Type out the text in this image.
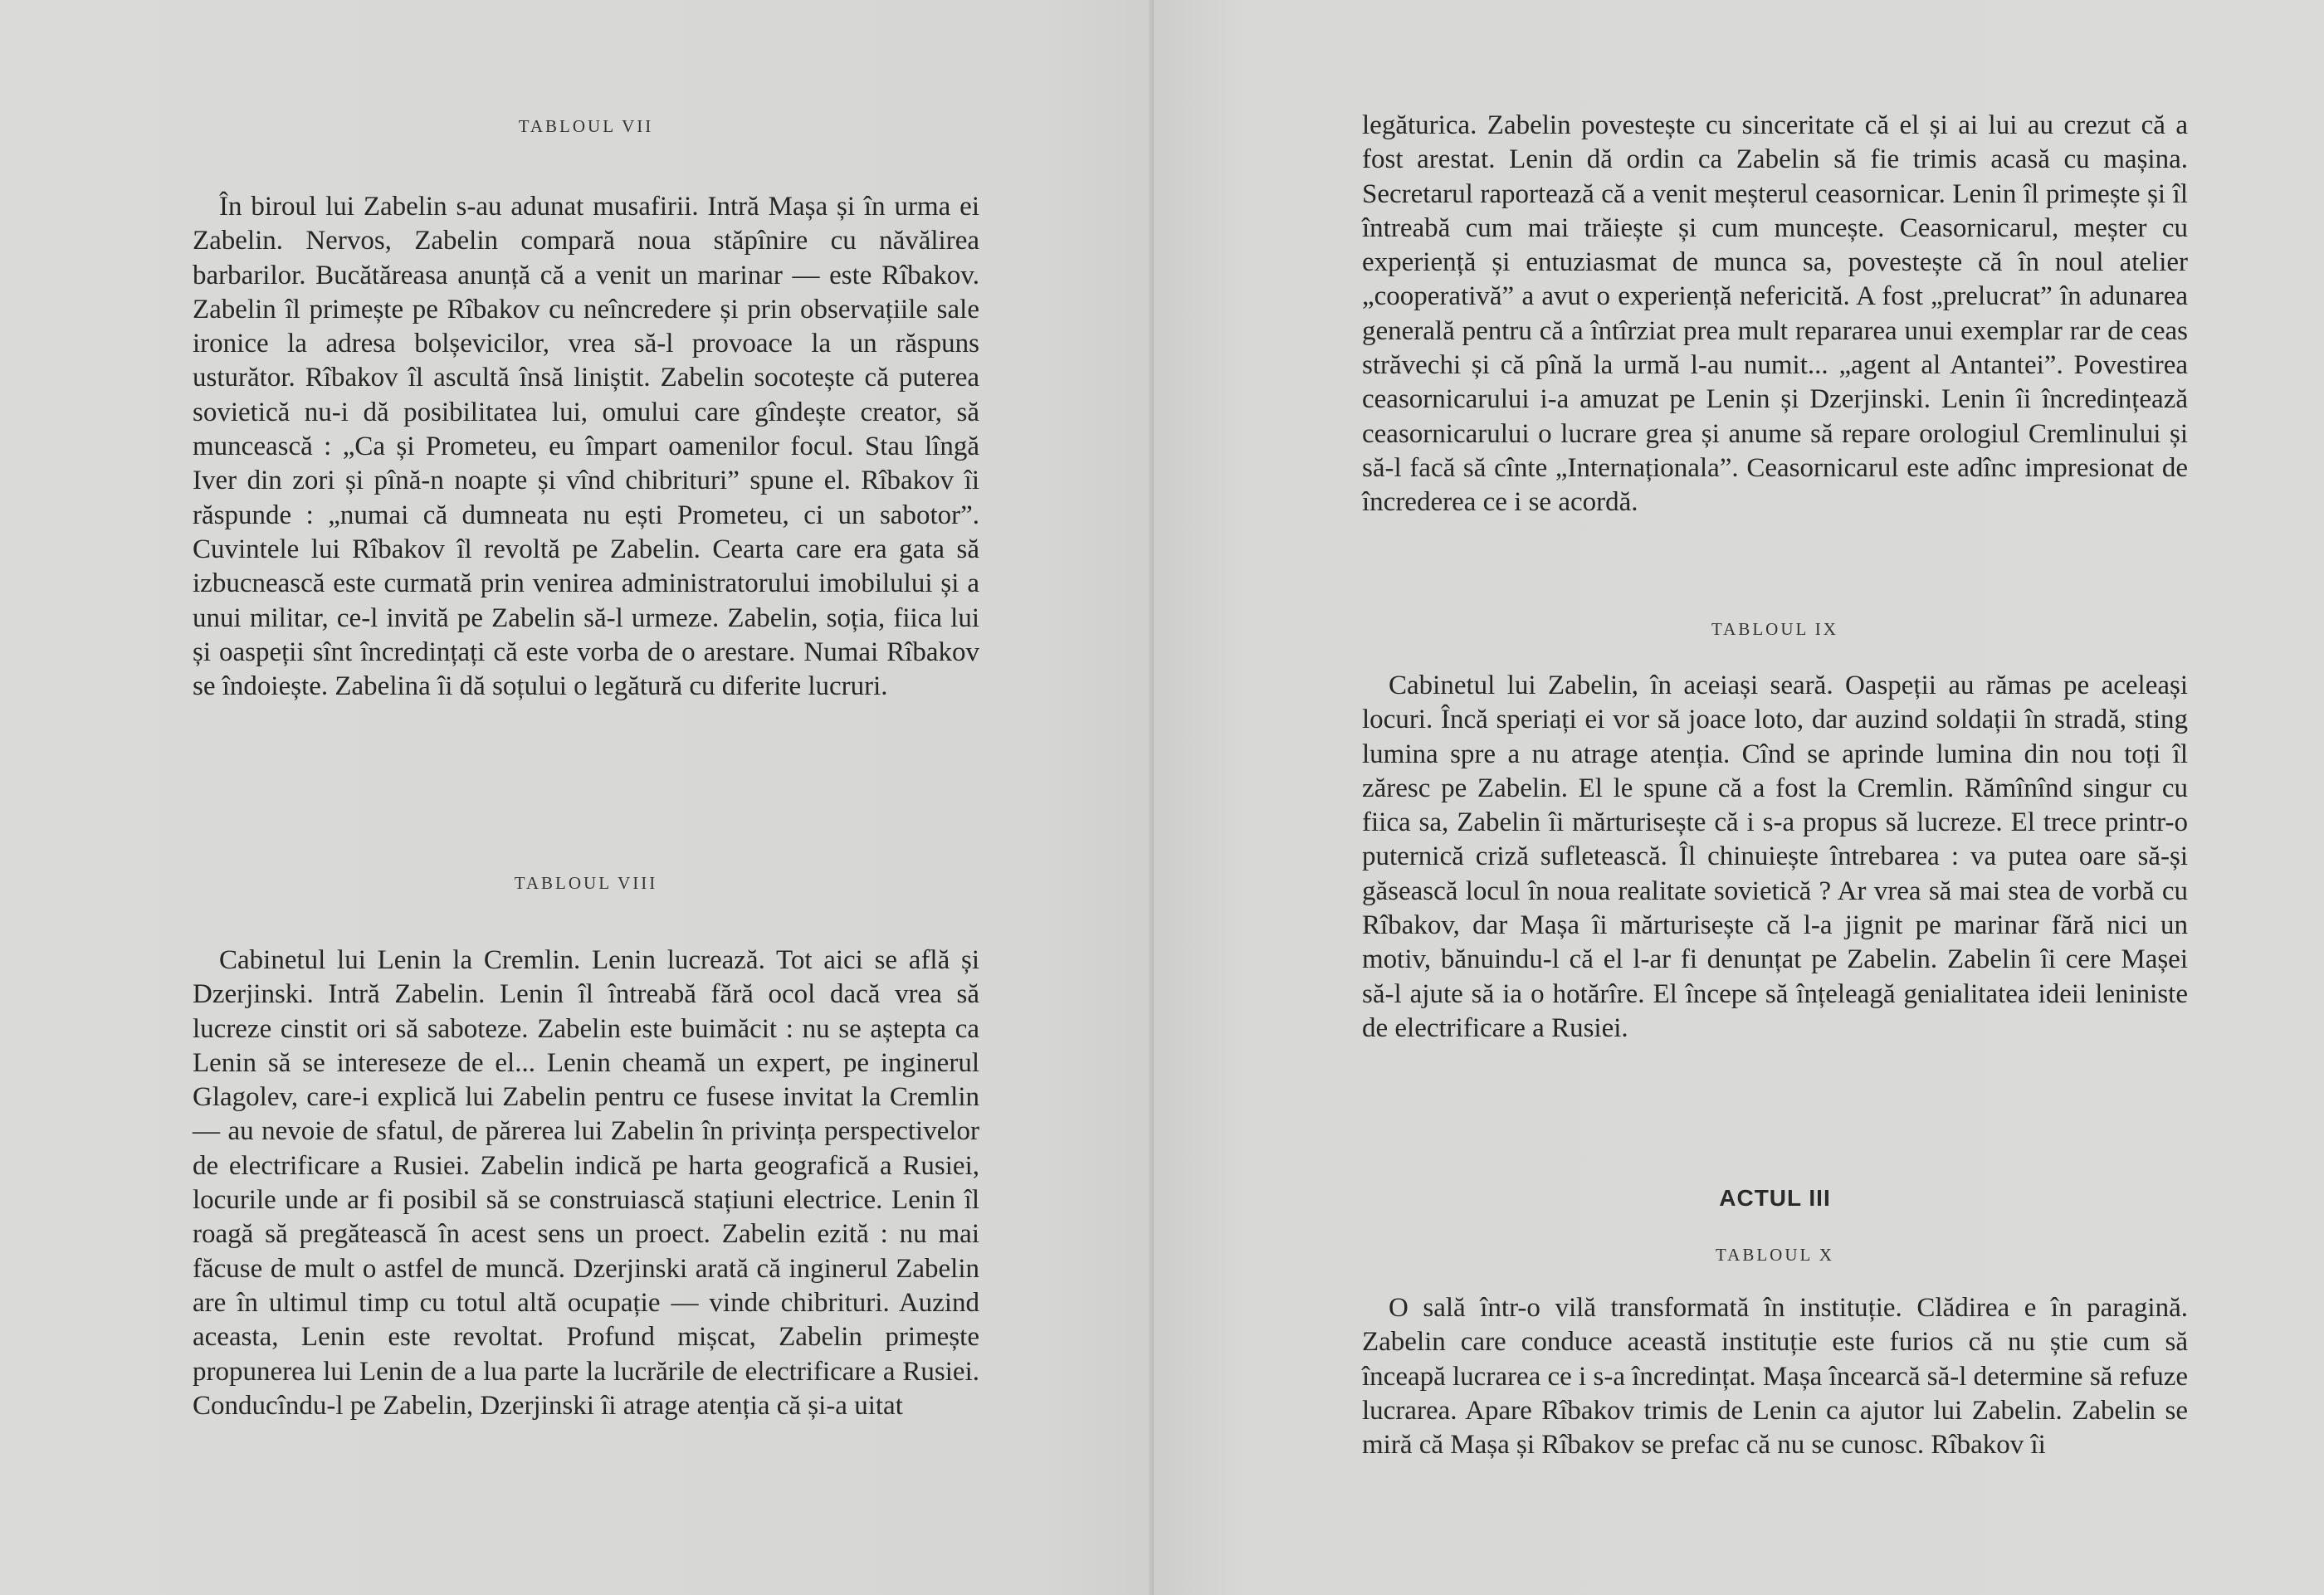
TABLOUL VII

În biroul lui Zabelin s-au adunat musafirii. Intră Mașa și în urma ei Zabelin. Nervos, Zabelin compară noua stăpînire cu năvălirea barbarilor. Bucătăreasa anunță că a venit un marinar — este Rîbakov. Zabelin îl primește pe Rîbakov cu neîncredere și prin observațiile sale ironice la adresa bolșevicilor, vrea să-l provoace la un răspuns usturător. Rîbakov îl ascultă însă liniștit. Zabelin socotește că puterea sovietică nu-i dă posibilitatea lui, omului care gîndește creator, să muncească : „Ca și Prometeu, eu împart oamenilor focul. Stau lîngă Iver din zori și pînă-n noapte și vînd chibrituri” spune el. Rîbakov îi răspunde : „numai că dumneata nu ești Prometeu, ci un sabotor”. Cuvintele lui Rîbakov îl revoltă pe Zabelin. Cearta care era gata să izbucnească este curmată prin venirea administratorului imobilului și a unui militar, ce-l invită pe Zabelin să-l urmeze. Zabelin, soția, fiica lui și oaspeții sînt încredințați că este vorba de o arestare. Numai Rîbakov se îndoiește. Zabelina îi dă soțului o legătură cu diferite lucruri.

TABLOUL VIII

Cabinetul lui Lenin la Cremlin. Lenin lucrează. Tot aici se află și Dzerjinski. Intră Zabelin. Lenin îl întreabă fără ocol dacă vrea să lucreze cinstit ori să saboteze. Zabelin este buimăcit : nu se aștepta ca Lenin să se intereseze de el... Lenin cheamă un expert, pe inginerul Glagolev, care-i explică lui Zabelin pentru ce fusese invitat la Cremlin — au nevoie de sfatul, de părerea lui Zabelin în privința perspectivelor de electrificare a Rusiei. Zabelin indică pe harta geografică a Rusiei, locurile unde ar fi posibil să se construiască stațiuni electrice. Lenin îl roagă să pregătească în acest sens un proect. Zabelin ezită : nu mai făcuse de mult o astfel de muncă. Dzerjinski arată că inginerul Zabelin are în ultimul timp cu totul altă ocupație — vinde chibrituri. Auzind aceasta, Lenin este revoltat. Profund mișcat, Zabelin primește propunerea lui Lenin de a lua parte la lucrările de electrificare a Rusiei. Conducîndu-l pe Zabelin, Dzerjinski îi atrage atenția că și-a uitat

legăturica. Zabelin povestește cu sinceritate că el și ai lui au crezut că a fost arestat. Lenin dă ordin ca Zabelin să fie trimis acasă cu mașina. Secretarul raportează că a venit meșterul ceasornicar. Lenin îl primește și îl întreabă cum mai trăiește și cum muncește. Ceasornicarul, meșter cu experiență și entuziasmat de munca sa, povestește că în noul atelier „cooperativă” a avut o experiență nefericită. A fost „prelucrat” în adunarea generală pentru că a întîrziat prea mult repararea unui exemplar rar de ceas străvechi și că pînă la urmă l-au numit... „agent al Antantei”. Povestirea ceasornicarului i-a amuzat pe Lenin și Dzerjinski. Lenin îi încredințează ceasornicarului o lucrare grea și anume să repare orologiul Cremlinului și să-l facă să cînte „Internaționala”. Ceasornicarul este adînc impresionat de încrederea ce i se acordă.

TABLOUL IX

Cabinetul lui Zabelin, în aceiași seară. Oaspeții au rămas pe aceleași locuri. Încă speriați ei vor să joace loto, dar auzind soldații în stradă, sting lumina spre a nu atrage atenția. Cînd se aprinde lumina din nou toți îl zăresc pe Zabelin. El le spune că a fost la Cremlin. Rămînînd singur cu fiica sa, Zabelin îi mărturisește că i s-a propus să lucreze. El trece printr-o puternică criză sufletească. Îl chinuiește întrebarea : va putea oare să-și găsească locul în noua realitate sovietică ? Ar vrea să mai stea de vorbă cu Rîbakov, dar Mașa îi mărturisește că l-a jignit pe marinar fără nici un motiv, bănuindu-l că el l-ar fi denunțat pe Zabelin. Zabelin îi cere Mașei să-l ajute să ia o hotărîre. El începe să înțeleagă genialitatea ideii leniniste de electrificare a Rusiei.

ACTUL III

TABLOUL X

O sală într-o vilă transformată în instituție. Clădirea e în paragină. Zabelin care conduce această instituție este furios că nu știe cum să înceapă lucrarea ce i s-a încredințat. Mașa încearcă să-l determine să refuze lucrarea. Apare Rîbakov trimis de Lenin ca ajutor lui Zabelin. Zabelin se miră că Mașa și Rîbakov se prefac că nu se cunosc. Rîbakov îi
